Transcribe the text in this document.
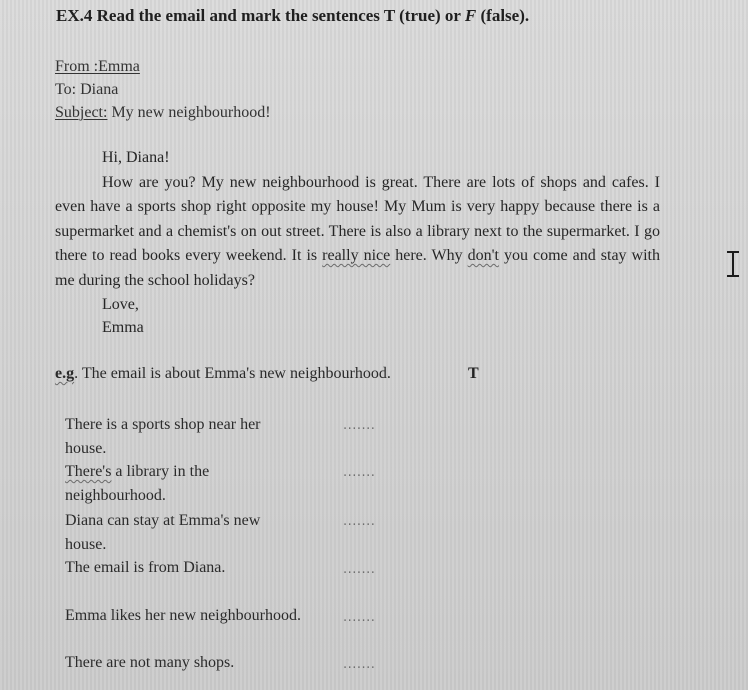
EX.4 Read the email and mark the sentences T (true) or F (false).
From :Emma
To: Diana
Subject: My new neighbourhood!
Hi, Diana!

How are you? My new neighbourhood is great. There are lots of shops and cafes. I even have a sports shop right opposite my house! My Mum is very happy because there is a supermarket and a chemist's on out street. There is also a library next to the supermarket. I go there to read books every weekend. It is really nice here. Why don't you come and stay with me during the school holidays?

Love,
Emma
e.g. The email is about Emma's new neighbourhood.	T
There is a sports shop near her
house.
.......
There's a library in the
neighbourhood.
.......
Diana can stay at Emma's new
house.
.......
The email is from Diana.	.......
Emma likes her new neighbourhood.	.......
There are not many shops.	.......
